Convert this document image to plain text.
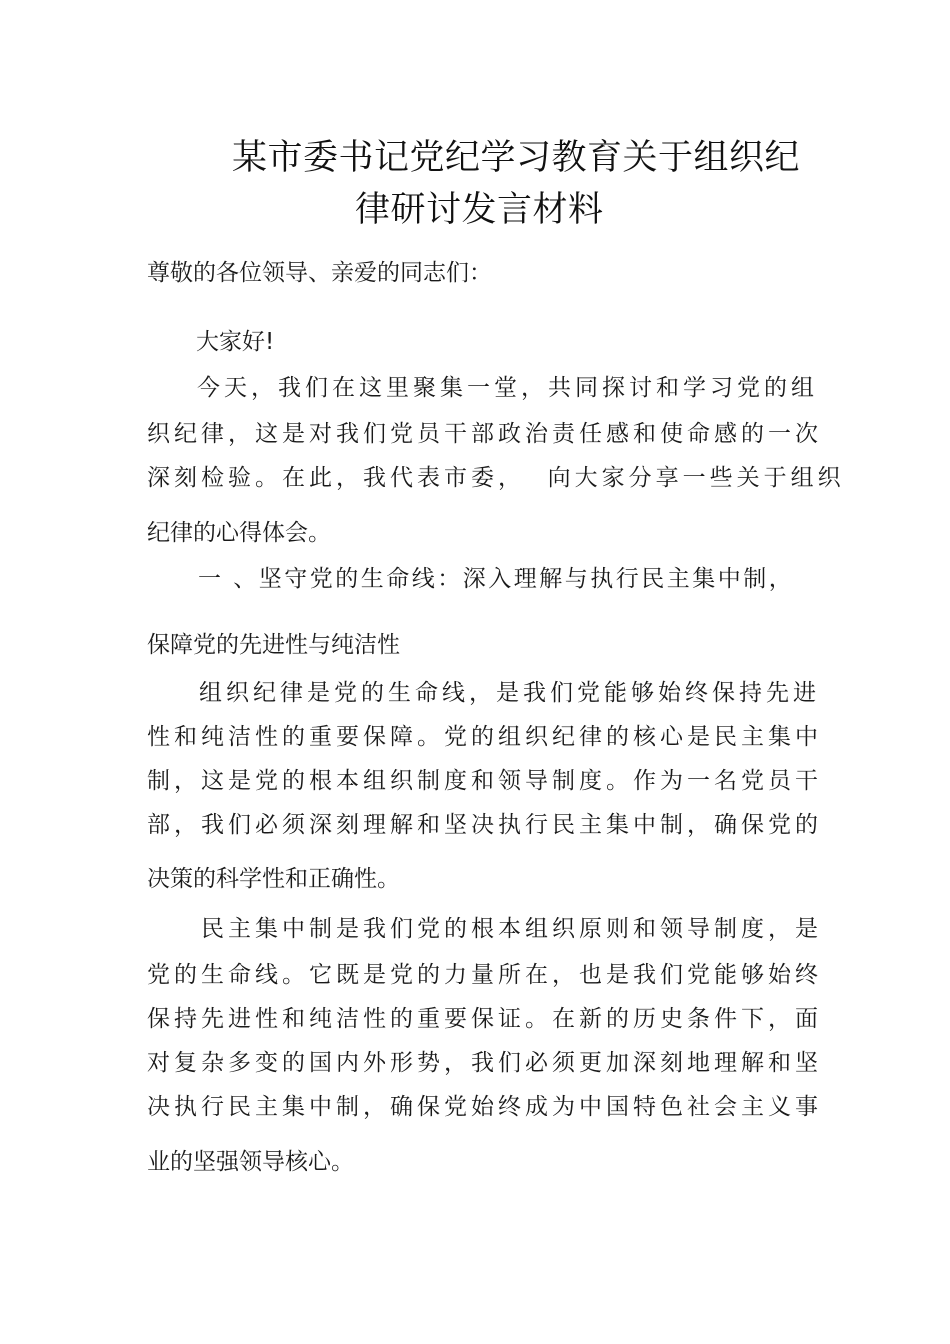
某市委书记党纪学习教育关于组织纪
律研讨发言材料
尊敬的各位领导、亲爱的同志们：
大家好!
今天，我们在这里聚集一堂，共同探讨和学习党的组
织纪律，这是对我们党员干部政治责任感和使命感的一次
深刻检验。在此，我代表市委，  向大家分享一些关于组织
纪律的心得体会。
一 、坚守党的生命线：深入理解与执行民主集中制，
保障党的先进性与纯洁性
组织纪律是党的生命线，是我们党能够始终保持先进
性和纯洁性的重要保障。党的组织纪律的核心是民主集中
制，这是党的根本组织制度和领导制度。作为一名党员干
部，我们必须深刻理解和坚决执行民主集中制，确保党的
决策的科学性和正确性。
民主集中制是我们党的根本组织原则和领导制度，是
党的生命线。它既是党的力量所在，也是我们党能够始终
保持先进性和纯洁性的重要保证。在新的历史条件下，面
对复杂多变的国内外形势，我们必须更加深刻地理解和坚
决执行民主集中制，确保党始终成为中国特色社会主义事
业的坚强领导核心。
